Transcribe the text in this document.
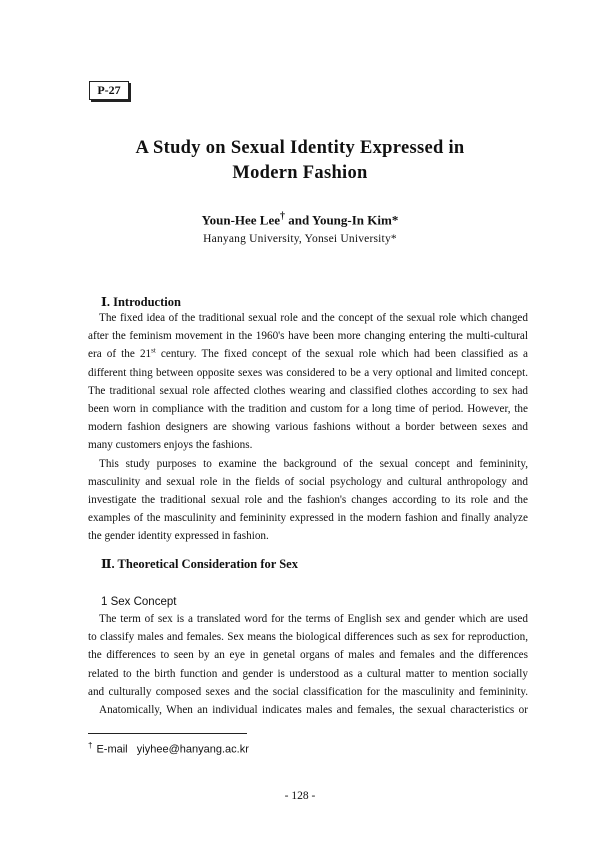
P-27
A Study on Sexual Identity Expressed in
Modern Fashion
Youn-Hee Lee† and Young-In Kim*
Hanyang University, Yonsei University*
Ⅰ. Introduction
The fixed idea of the traditional sexual role and the concept of the sexual role which changed
after the feminism movement in the 1960's have been more changing entering the multi-cultural
era of the 21st century. The fixed concept of the sexual role which had been classified as a
different thing between opposite sexes was considered to be a very optional and limited concept.
The traditional sexual role affected clothes wearing and classified clothes according to sex had
been worn in compliance with the tradition and custom for a long time of period. However, the
modern fashion designers are showing various fashions without a border between sexes and
many customers enjoys the fashions.
This study purposes to examine the background of the sexual concept and femininity,
masculinity and sexual role in the fields of social psychology and cultural anthropology and
investigate the traditional sexual role and the fashion's changes according to its role and the
examples of the masculinity and femininity expressed in the modern fashion and finally analyze
the gender identity expressed in fashion.
Ⅱ. Theoretical Consideration for Sex
1 Sex Concept
The term of sex is a translated word for the terms of English sex and gender which are used
to classify males and females. Sex means the biological differences such as sex for reproduction,
the differences to seen by an eye in genetal organs of males and females and the differences
related to the birth function and gender is understood as a cultural matter to mention socially
and culturally composed sexes and the social classification for the masculinity and femininity.
Anatomically, When an individual indicates males and females, the sexual characteristics or
† E-mail   yiyhee@hanyang.ac.kr
- 128 -
